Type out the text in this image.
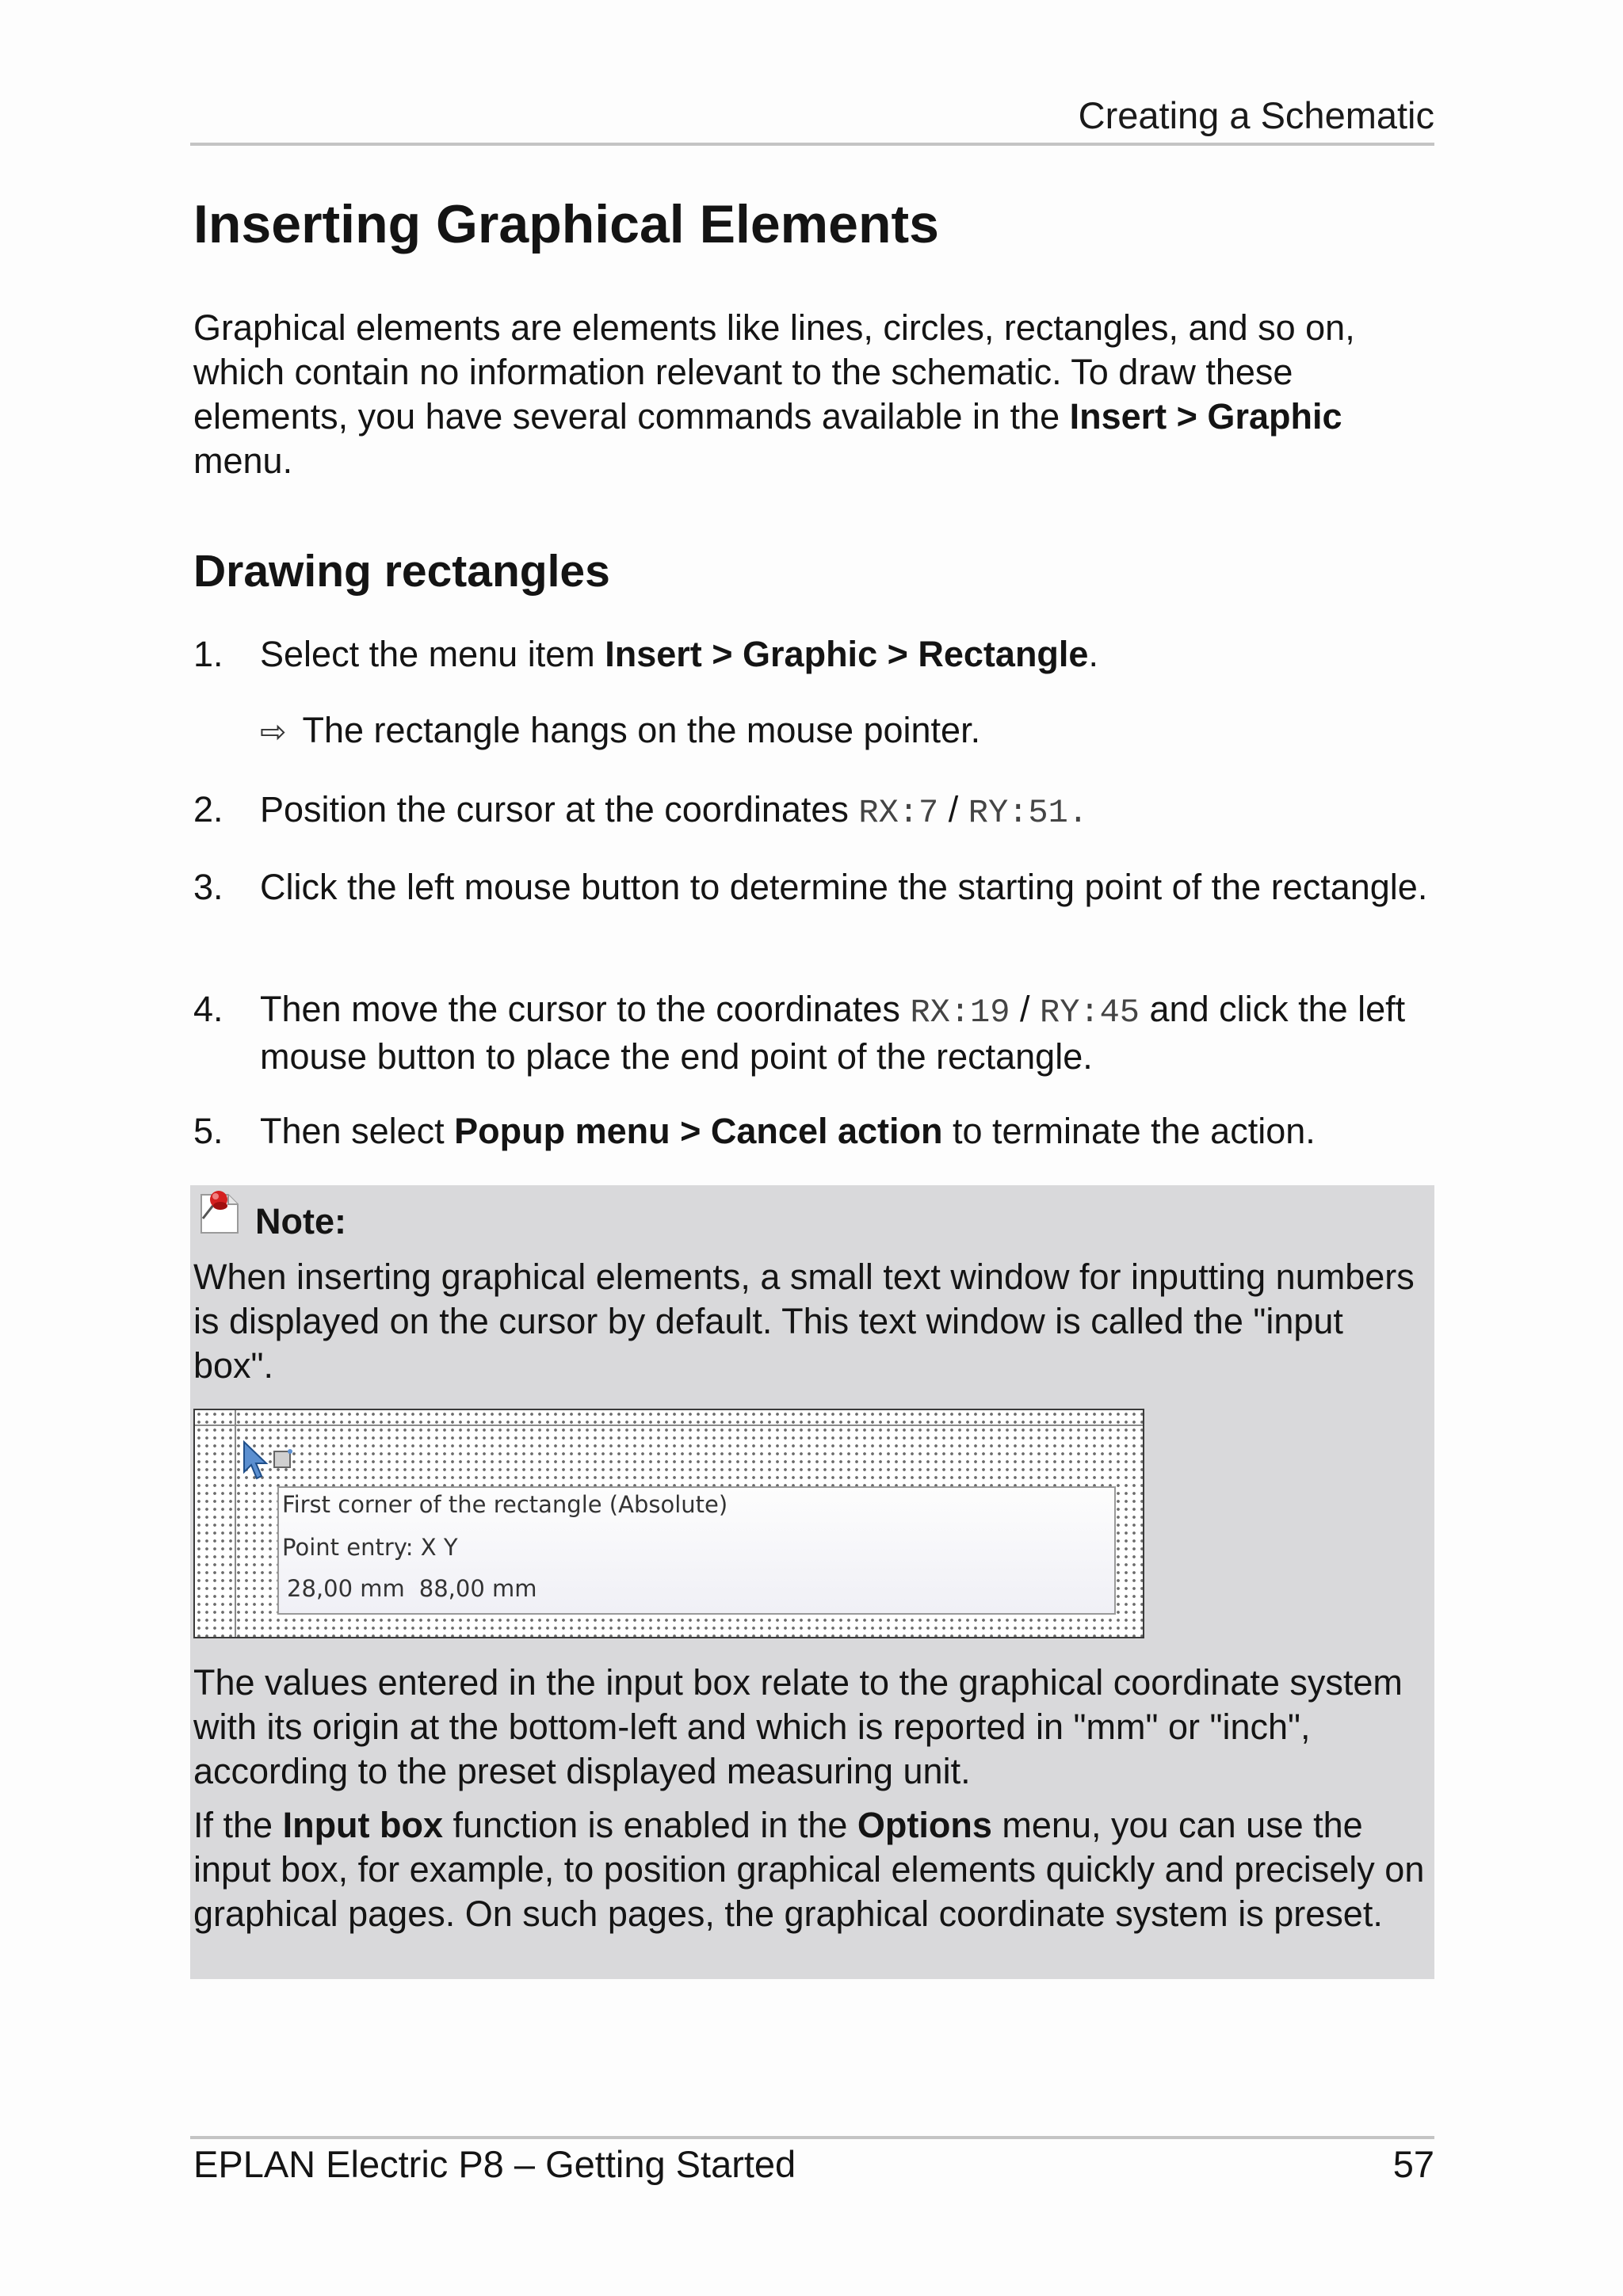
Creating a Schematic
Inserting Graphical Elements

Graphical elements are elements like lines, circles, rectangles, and so on, which contain no information relevant to the schematic. To draw these elements, you have several commands available in the Insert > Graphic menu.

Drawing rectangles
1. Select the menu item Insert > Graphic > Rectangle.
⇨ The rectangle hangs on the mouse pointer.
2. Position the cursor at the coordinates RX:7 / RY:51.
3. Click the left mouse button to determine the starting point of the rectangle.
4. Then move the cursor to the coordinates RX:19 / RY:45 and click the left mouse button to place the end point of the rectangle.
5. Then select Popup menu > Cancel action to terminate the action.
Note:

When inserting graphical elements, a small text window for inputting numbers is displayed on the cursor by default. This text window is called the "input box".

First corner of the rectangle (Absolute)
Point entry: X Y
28,00 mm 88,00 mm

The values entered in the input box relate to the graphical coordinate system with its origin at the bottom-left and which is reported in "mm" or "inch", according to the preset displayed measuring unit.

If the Input box function is enabled in the Options menu, you can use the input box, for example, to position graphical elements quickly and precisely on graphical pages. On such pages, the graphical coordinate system is preset.

EPLAN Electric P8 – Getting Started	57
